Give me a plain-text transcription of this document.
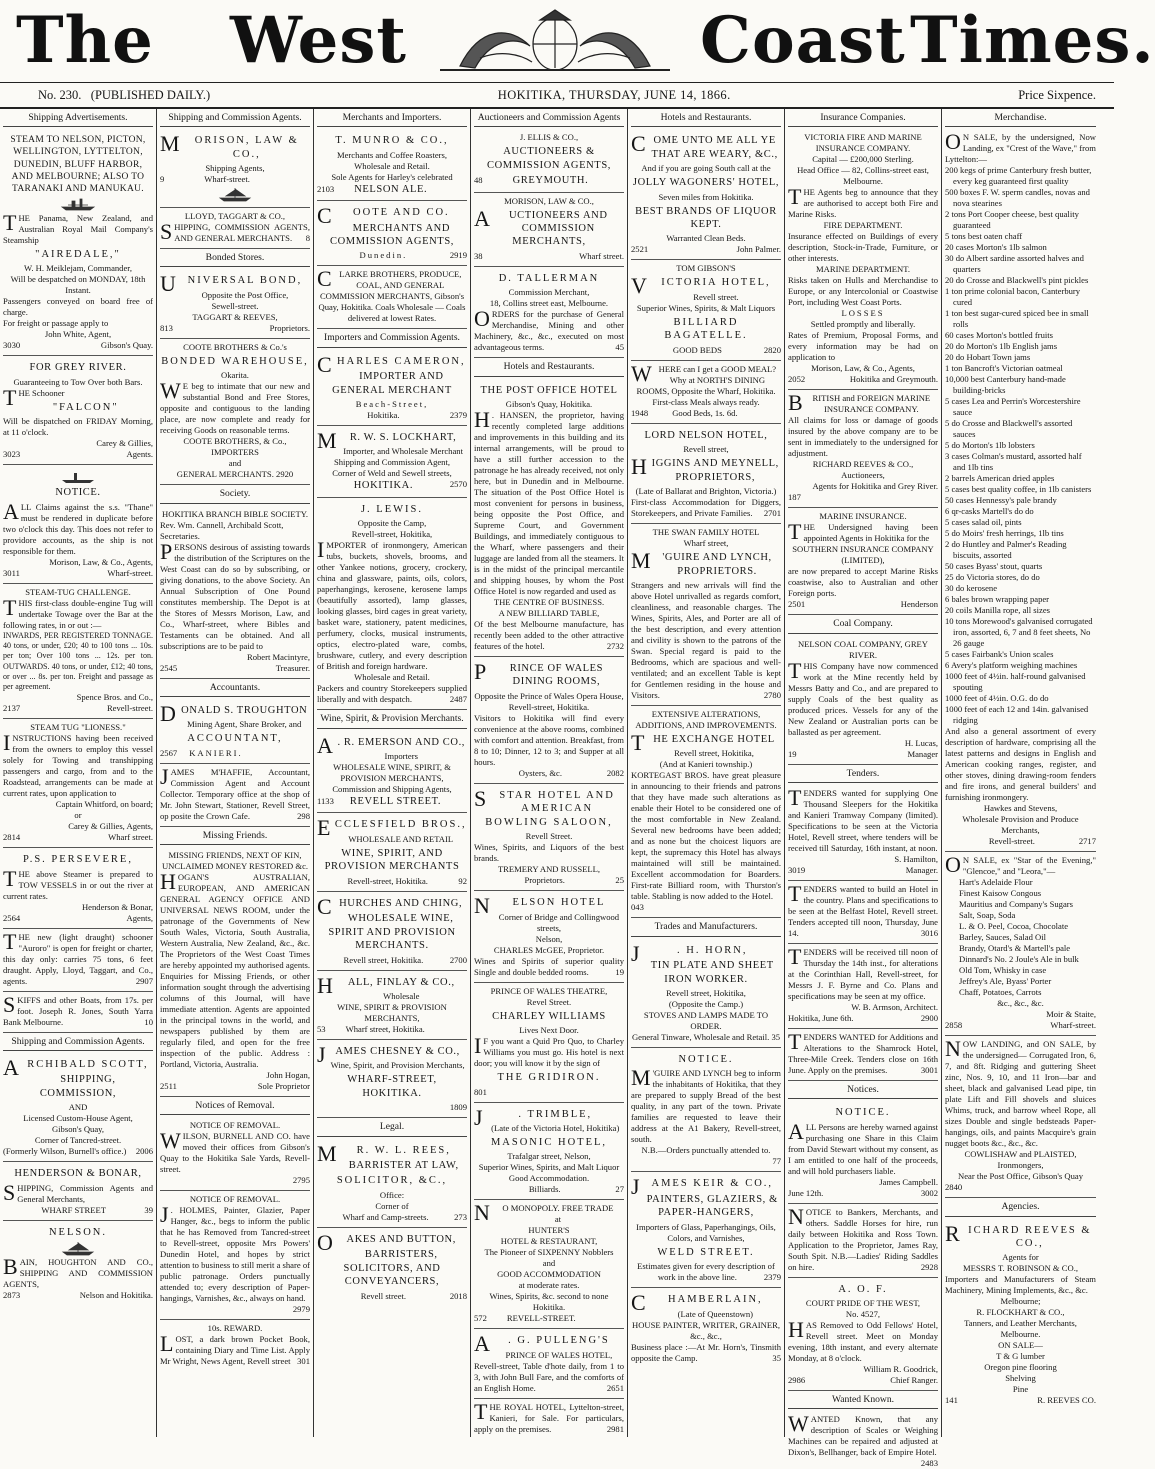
The West	Coast Times.
No. 230. (PUBLISHED DAILY.)	HOKITIKA, THURSDAY, JUNE 14, 1866.	Price Sixpence.
Shipping Advertisements.
STEAM TO NELSON, PICTON, WELLINGTON, LYTTELTON, DUNEDIN, BLUFF HARBOR, AND MELBOURNE; ALSO TO TARANAKI AND MANUKAU.
THE Panama, New Zealand, and Australian Royal Mail Company's Steamship
"AIREDALE,"
W. H. Meiklejam, Commander,
Will be despatched on MONDAY, 18th Instant.
Passengers conveyed on board free of charge.
For freight or passage apply to
John White, Agent,
3030	Gibson's Quay.
FOR GREY RIVER.
Guaranteeing to Tow Over both Bars.
THE Schooner
"FALCON"
Will be dispatched on FRIDAY Morning, at 11 o'clock.
Carey & Gillies,
3023	Agents.
NOTICE.
ALL Claims against the s.s. "Thane" must be rendered in duplicate before two o'clock this day. This does not refer to providore accounts, as the ship is not responsible for them.
Morison, Law, & Co., Agents,
3011	Wharf-street.
STEAM-TUG CHALLENGE.
THIS first-class double-engine Tug will undertake Towage over the Bar at the following rates, in or out :—
INWARDS, PER REGISTERED TONNAGE. 40 tons, or under, £20; 40 to 100 tons ... 10s. per ton; Over 100 tons ... 12s. per ton. OUTWARDS. 40 tons, or under, £12; 40 tons, or over ... 8s. per ton. Freight and passage as per agreement.
Spence Bros. and Co.,
2137	Revell-street.
STEAM TUG "LIONESS."
INSTRUCTIONS having been received from the owners to employ this vessel solely for Towing and transhipping passengers and cargo, from and to the Roadstead, arrangements can be made at current rates, upon application to
Captain Whitford, on board;
or
Carey & Gillies, Agents,
2814	Wharf street.
P.S. PERSEVERE,
THE above Steamer is prepared to TOW VESSELS in or out the river at current rates.
Henderson & Bonar,
2564	Agents,
THE new (light draught) schooner "Auroro" is open for freight or charter, this day only: carries 75 tons, 6 feet draught. Apply, Lloyd, Taggart, and Co., agents.	2907
SKIFFS and other Boats, from 17s. per foot. Joseph R. Jones, South Yarra Bank Melbourne.	10
Shipping and Commission Agents.
ARCHIBALD SCOTT,
SHIPPING, COMMISSION,
AND
Licensed Custom-House Agent,
Gibson's Quay,
Corner of Tancred-street.
(Formerly Wilson, Burnell's office.) 2006
HENDERSON & BONAR,
SHIPPING, Commission Agents and General Merchants,
WHARF STREET	39
NELSON.
BAIN, HOUGHTON AND CO., SHIPPING AND COMMISSION AGENTS,
2873	Nelson and Hokitika.
Shipping and Commission Agents.
M ORISON, LAW & CO.,
Shipping Agents,
9	Wharf-street.
LLOYD, TAGGART & CO.,
SHIPPING, COMMISSION AGENTS, AND GENERAL MERCHANTS. 8
Bonded Stores.
UNIVERSAL BOND,
Opposite the Post Office,
Sewell-street.
TAGGART & REEVES,
813	Proprietors.
COOTE BROTHERS & Co.'s
BONDED WAREHOUSE,
Okarita.
W E beg to intimate that our new and substantial Bond and Free Stores, opposite and contiguous to the landing place, are now complete and ready for receiving Goods on reasonable terms.
COOTE BROTHERS, & Co.,
IMPORTERS
and
GENERAL MERCHANTS. 2920
Society.
HOKITIKA BRANCH BIBLE SOCIETY.
Rev. Wm. Cannell, Archibald Scott, Secretaries.
PERSONS desirous of assisting towards the distribution of the Scriptures on the West Coast can do so by subscribing, or giving donations, to the above Society. An Annual Subscription of One Pound constitutes membership. The Depot is at the Stores of Messrs Morison, Law, and Co., Wharf-street, where Bibles and Testaments can be obtained. And all subscriptions are to be paid to
Robert Macintyre,
2545	Treasurer.
Accountants.
DONALD S. TROUGHTON
Mining Agent, Share Broker, and
ACCOUNTANT,
2567 KANIERI.
JAMES M'HAFFIE, Accountant, Commission Agent and Account Collector. Temporary office at the shop of Mr. John Stewart, Stationer, Revell Street, op posite the Crown Cafe.	298
Missing Friends.
MISSING FRIENDS, NEXT OF KIN, UNCLAIMED MONEY RESTORED &c.
HOGAN'S AUSTRALIAN, EUROPEAN, AND AMERICAN GENERAL AGENCY OFFICE AND UNIVERSAL NEWS ROOM, under the patronage of the Governments of New South Wales, Victoria, South Australia, Western Australia, New Zealand, &c., &c. The Proprietors of the West Coast Times are hereby appointed my authorised agents. Enquiries for Missing Friends, or other information sought through the advertising columns of this Journal, will have immediate attention. Agents are appointed in the principal towns in the world, and newspapers published by them are regularly filed, and open for the free inspection of the public. Address : Portland, Victoria, Australia.
John Hogan,
2511	Sole Proprietor
Notices of Removal.
NOTICE OF REMOVAL.
WILSON, BURNELL AND CO. have moved their offices from Gibson's Quay to the Hokitika Sale Yards, Revell-street.
2795
NOTICE OF REMOVAL.
J . HOLMES, Painter, Glazier, Paper Hanger, &c., begs to inform the public that he has Removed from Tancred-street to Revell-street, opposite Mrs Powers' Dunedin Hotel, and hopes by strict attention to business to still merit a share of public patronage. Orders punctually attended to; every description of Paper-hangings, Varnishes, &c., always on hand.
2979
10s. REWARD.
LOST, a dark brown Pocket Book, containing Diary and Time List. Apply Mr Wright, News Agent, Revell street 301
Merchants and Importers.
T. MUNRO & CO.,
Merchants and Coffee Roasters,
Wholesale and Retail.
Sole Agents for Harley's celebrated
2103 NELSON ALE.
C OOTE AND CO.
MERCHANTS AND COMMISSION AGENTS,
Dunedin.	2919
CLARKE BROTHERS, PRODUCE, COAL, AND GENERAL COMMISSION MERCHANTS, Gibson's Quay, Hokitika. Coals Wholesale — Coals delivered at lowest Rates.
Importers and Commission Agents.
CHARLES CAMERON,
IMPORTER AND GENERAL MERCHANT
Beach-Street,
Hokitika.	2379
M R. W. S. LOCKHART,
Importer, and Wholesale Merchant
Shipping and Commission Agent,
Corner of Weld and Sewell streets,
HOKITIKA.	2570
J. LEWIS.
Opposite the Camp,
Revell-street, Hokitika,
IMPORTER of ironmongery, American tubs, buckets, shovels, brooms, and other Yankee notions, grocery, crockery, china and glassware, paints, oils, colors, paperhangings, kerosene, kerosene lamps (beautifully assorted), lamp glasses, looking glasses, bird cages in great variety, basket ware, stationery, patent medicines, perfumery, clocks, musical instruments, optics, electro-plated ware, combs, brushware, cutlery, and every description of British and foreign hardware.
Wholesale and Retail.
Packers and country Storekeepers supplied liberally and with despatch.	2487
Wine, Spirit, & Provision Merchants.
A . R. EMERSON AND CO.,
Importers
WHOLESALE WINE, SPIRIT, & PROVISION MERCHANTS,
Commission and Shipping Agents,
1133 REVELL STREET.
ECCLESFIELD BROS.,
WHOLESALE AND RETAIL
WINE, SPIRIT, AND PROVISION MERCHANTS
Revell-street, Hokitika.	92
CHURCHES AND CHING,
WHOLESALE WINE, SPIRIT AND PROVISION MERCHANTS.
Revell street, Hokitika.	2700
H ALL, FINLAY & CO.,
Wholesale
WINE, SPIRIT & PROVISION MERCHANTS,
53 Wharf street, Hokitika.
JAMES CHESNEY & CO.,
Wine, Spirit, and Provision Merchants,
WHARF-STREET, HOKITIKA.
1809
Legal.
M R. W. L. REES,
BARRISTER AT LAW,
SOLICITOR, &C.,
Office:
Corner of
Wharf and Camp-streets.	273
O AKES AND BUTTON,
BARRISTERS, SOLICITORS, AND CONVEYANCERS,
Revell street.	2018
Auctioneers and Commission Agents
J. ELLIS & CO.,
AUCTIONEERS & COMMISSION AGENTS,
48	GREYMOUTH.
MORISON, LAW & CO.,
A UCTIONEERS AND COMMISSION MERCHANTS,
38	Wharf street.
D. TALLERMAN
Commission Merchant,
18, Collins street east, Melbourne.
ORDERS for the purchase of General Merchandise, Mining and other Machinery, &c., &c., executed on most advantageous terms.	45
Hotels and Restaurants.
THE POST OFFICE HOTEL
Gibson's Quay, Hokitika.
H . HANSEN, the proprietor, having recently completed large additions and improvements in this building and its internal arrangements, will be proud to have a still further accession to the patronage he has already received, not only here, but in Dunedin and in Melbourne. The situation of the Post Office Hotel is most convenient for persons in business, being opposite the Post Office, and Supreme Court, and Government Buildings, and immediately contiguous to the Wharf, where passengers and their luggage are landed from all the steamers. It is in the midst of the principal mercantile and shipping houses, by whom the Post Office Hotel is now regarded and used as
THE CENTRE OF BUSINESS.
A NEW BILLIARD TABLE,
Of the best Melbourne manufacture, has recently been added to the other attractive features of the hotel.	2732
P RINCE OF WALES DINING ROOMS,
Opposite the Prince of Wales Opera House,
Revell-street, Hokitika.
Visitors to Hokitika will find every convenience at the above rooms, combined with comfort and attention. Breakfast, from 8 to 10; Dinner, 12 to 3; and Supper at all hours.
Oysters, &c.	2082
S STAR HOTEL AND AMERICAN BOWLING SALOON,
Revell Street.
Wines, Spirits, and Liquors of the best brands.
TREMERY AND RUSSELL,
Proprietors.	25
N ELSON HOTEL
Corner of Bridge and Collingwood streets,
Nelson,
CHARLES McGEE, Proprietor.
Wines and Spirits of superior quality Single and double bedded rooms.	19
PRINCE OF WALES THEATRE,
Revel Street.
CHARLEY WILLIAMS
Lives Next Door.
I F you want a Quid Pro Quo, to Charley Williams you must go. His hotel is next door; you will know it by the sign of
THE GRIDIRON.
801
J	. TRIMBLE,
(Late of the Victoria Hotel, Hokitika)
MASONIC HOTEL,
Trafalgar street, Nelson,
Superior Wines, Spirits, and Malt Liquor
Good Accommodation.
Billiards.	27
N O MONOPOLY. FREE TRADE
at
HUNTER'S
HOTEL & RESTAURANT,
The Pioneer of SIXPENNY Nobblers
and
GOOD ACCOMMODATION
at moderate rates.
Wines, Spirits, &c. second to none Hokitika.
572 REVELL-STREET.
A . G. PULLENG'S
PRINCE OF WALES HOTEL,
Revell-street, Table d'hote daily, from 1 to 3, with John Bull Fare, and the comforts of an English Home.	2651
THE ROYAL HOTEL, Lyttelton-street, Kanieri, for Sale. For particulars, apply on the premises.	2981
Hotels and Restaurants.
COME UNTO ME ALL YE THAT ARE WEARY, &C.,
And if you are going South call at the
JOLLY WAGONERS' HOTEL,
Seven miles from Hokitika.
BEST BRANDS OF LIQUOR KEPT.
Warranted Clean Beds.
2521	John Palmer.
TOM GIBSON'S
V ICTORIA HOTEL,
Revell street.
Superior Wines, Spirits, & Malt Liquors
BILLIARD BAGATELLE.
GOOD BEDS	2820
WHERE can I get a GOOD MEAL? Why at NORTH'S DINING ROOMS, Opposite the Wharf, Hokitika.
First-class Meals always ready.
1948	Good Beds, 1s. 6d.
LORD NELSON HOTEL,
Revell street,
HIGGINS AND MEYNELL, PROPRIETORS,
(Late of Ballarat and Brighton, Victoria.)
First-class Accommodation for Diggers, Storekeepers, and Private Families. 2701
THE SWAN FAMILY HOTEL
Wharf street,
M 'GUIRE AND LYNCH, PROPRIETORS.
Strangers and new arrivals will find the above Hotel unrivalled as regards comfort, cleanliness, and reasonable charges. The Wines, Spirits, Ales, and Porter are all of the best description, and every attention and civility is shown to the patrons of the Swan. Special regard is paid to the Bedrooms, which are spacious and well-ventilated; and an excellent Table is kept for Gentlemen residing in the house and Visitors.	2780
EXTENSIVE ALTERATIONS, ADDITIONS, AND IMPROVEMENTS.
THE EXCHANGE HOTEL
Revell street, Hokitika,
(And at Kanieri township.)
KORTEGAST BROS. have great pleasure in announcing to their friends and patrons that they have made such alterations as enable their Hotel to be considered one of the most comfortable in New Zealand. Several new bedrooms have been added; and as none but the choicest liquors are kept, the supremacy this Hotel has always maintained will still be maintained. Excellent accommodation for Boarders. First-rate Billiard room, with Thurston's table. Stabling is now added to the Hotel.
043
Trades and Manufacturers.
J	. H. HORN,
TIN PLATE AND SHEET IRON WORKER.
Revell street, Hokitika,
(Opposite the Camp.)
STOVES AND LAMPS MADE TO ORDER.
General Tinware, Wholesale and Retail. 35
NOTICE.
M 'GUIRE AND LYNCH beg to inform the inhabitants of Hokitika, that they are prepared to supply Bread of the best quality, in any part of the town. Private families are requested to leave their address at the A1 Bakery, Revell-street, south.
N.B.—Orders punctually attended to.
77
JAMES KEIR & CO.,
PAINTERS, GLAZIERS, & PAPER-HANGERS,
Importers of Glass, Paperhangings, Oils, Colors, and Varnishes,
WELD STREET.
Estimates given for every description of work in the above line.	2379
C HAMBERLAIN,
(Late of Queenstown)
HOUSE PAINTER, WRITER, GRAINER, &c., &c.,
Business place :—At Mr. Horn's, Tinsmith opposite the Camp.	35
Insurance Companies.
VICTORIA FIRE AND MARINE INSURANCE COMPANY.
Capital — £200,000 Sterling.
Head Office — 82, Collins-street east, Melbourne.
THE Agents beg to announce that they are authorised to accept both Fire and Marine Risks.
FIRE DEPARTMENT.
Insurance effected on Buildings of every description, Stock-in-Trade, Furniture, or other interests.
MARINE DEPARTMENT.
Risks taken on Hulls and Merchandise to Europe, or any Intercolonial or Coastwise Port, including West Coast Ports.
LOSSES
Settled promptly and liberally.
Rates of Premium, Proposal Forms, and every information may be had on application to
Morison, Law, & Co., Agents,
2052	Hokitika and Greymouth.
B RITISH and FOREIGN MARINE INSURANCE COMPANY.
All claims for loss or damage of goods insured by the above company are to be sent in immediately to the undersigned for adjustment.
RICHARD REEVES & CO.,
Auctioneers,
Agents for Hokitika and Grey River.
187
MARINE INSURANCE.
THE Undersigned having been appointed Agents in Hokitika for the
SOUTHERN INSURANCE COMPANY (LIMITED),
are now prepared to accept Marine Risks coastwise, also to Australian and other Foreign ports.
2501	Henderson
Coal Company.
NELSON COAL COMPANY, GREY RIVER.
THIS Company have now commenced work at the Mine recently held by Messrs Batty and Co., and are prepared to supply Coals of the best quality as produced prices. Vessels for any of the New Zealand or Australian ports can be ballasted as per agreement.
H. Lucas,
19	Manager
Tenders.
TENDERS wanted for supplying One Thousand Sleepers for the Hokitika and Kanieri Tramway Company (limited). Specifications to be seen at the Victoria Hotel, Revell street, where tenders will be received till Saturday, 16th instant, at noon.
S. Hamilton,
3019	Manager.
TENDERS wanted to build an Hotel in the country. Plans and specifications to be seen at the Belfast Hotel, Revell street. Tenders accepted till noon, Thursday, June 14.	3016
TENDERS will be received till noon of Thursday the 14th inst., for alterations at the Corinthian Hall, Revell-street, for Messrs J. F. Byrne and Co. Plans and specifications may be seen at my office.
W. B. Armson, Architect.
Hokitika, June 6th.	2900
TENDERS WANTED for Additions and Alterations to the Shamrock Hotel, Three-Mile Creek. Tenders close on 16th June. Apply on the premises.	3001
Notices.
NOTICE.
ALL Persons are hereby warned against purchasing one Share in this Claim from David Stewart without my consent, as I am entitled to one half of the proceeds, and will hold purchasers liable.
James Campbell.
June 12th.	3002
NOTICE to Bankers, Merchants, and others. Saddle Horses for hire, run daily between Hokitika and Ross Town. Application to the Proprietor, James Ray, South Spit. N.B.—Ladies' Riding Saddles on hire.	2928
A. O. F.
COURT PRIDE OF THE WEST,
No. 4527,
HAS Removed to Odd Fellows' Hotel, Revell street. Meet on Monday evening, 18th instant, and every alternate Monday, at 8 o'clock.
William R. Goodrick,
2986	Chief Ranger.
Wanted Known.
WANTED Known, that any description of Scales or Weighing Machines can be repaired and adjusted at Dixon's, Bellhanger, back of Empire Hotel.
2483
Merchandise.
O N SALE, by the undersigned, Now Landing, ex "Crest of the Wave," from Lyttelton:—
200 kegs of prime Canterbury fresh butter, every keg guaranteed first quality
500 boxes F. W. sperm candles, novas and nova stearines
2 tons Port Cooper cheese, best quality guaranteed
5 tons best oaten chaff
20 cases Morton's 1lb salmon
30 do Albert sardine assorted halves and quarters
20 do Crosse and Blackwell's pint pickles
1 ton prime colonial bacon, Canterbury cured
1 ton best sugar-cured spiced bee in small rolls
60 cases Morton's bottled fruits
20 do Morton's 1lb English jams
20 do Hobart Town jams
1 ton Bancroft's Victorian oatmeal
10,000 best Canterbury hand-made building-bricks
5 cases Lea and Perrin's Worcestershire sauce
5 do Crosse and Blackwell's assorted sauces
5 do Morton's 1lb lobsters
3 cases Colman's mustard, assorted half and 1lb tins
2 barrels American dried apples
5 cases best quality coffee, in 1lb canisters
50 cases Hennessy's pale brandy
6 qr-casks Martell's do do
5 cases salad oil, pints
5 do Moirs' fresh herrings, 1lb tins
2 do Huntley and Palmer's Reading biscuits, assorted
50 cases Byass' stout, quarts
25 do Victoria stores, do do
30 do kerosene
6 bales brown wrapping paper
20 coils Manilla rope, all sizes
10 tons Morewood's galvanised corrugated iron, assorted, 6, 7 and 8 feet sheets, No 26 gauge
5 cases Fairbank's Union scales
6 Avery's platform weighing machines
1000 feet of 4½in. half-round galvanised spouting
1000 feet of 4½in. O.G. do do
1000 feet of each 12 and 14in. galvanised ridging
And also a general assortment of every description of hardware, comprising all the latest patterns and designs in English and American cooking ranges, register, and other stoves, dining drawing-room fenders and fire irons, and general builders' and furnishing ironmongery.
Hawkes and Stevens,
Wholesale Provision and Produce Merchants,
Revell-street.	2717
O N SALE, ex "Star of the Evening," "Glencoe," and "Leora,"—
Hart's Adelaide Flour
Finest Kaisow Congous
Mauritius and Company's Sugars
Salt, Soap, Soda
L. & O. Peel, Cocoa, Chocolate
Barley, Sauces, Salad Oil
Brandy, Otard's & Martell's pale
Dinnard's No. 2 Joule's Ale in bulk
Old Tom, Whisky in case
Jeffrey's Ale, Byass' Porter
Chaff, Potatoes, Carrots
&c., &c., &c.
Moir & Staite,
2858	Wharf-street.
NOW LANDING, and ON SALE, by the undersigned— Corrugated Iron, 6, 7, and 8ft. Ridging and guttering Sheet zinc, Nos. 9, 10, and 11 Iron—bar and sheet, black and galvanised Lead pipe, tin plate Lift and Fill shovels and sluices Whims, truck, and barrow wheel Rope, all sizes Double and single bedsteads Paper-hangings, oils, and paints Macquire's grain nugget boots &c., &c., &c.
COWLISHAW and PLAISTED,
Ironmongers,
Near the Post Office, Gibson's Quay
2840
Agencies.
RICHARD REEVES & CO.,
Agents for
MESSRS T. ROBINSON & CO.,
Importers and Manufacturers of Steam Machinery, Mining Implements, &c., &c.
Melbourne;
R. FLOCKHART & CO.,
Tanners, and Leather Merchants,
Melbourne.
ON SALE—
T & G lumber
Oregon pine flooring
Shelving
Pine
141	R. REEVES CO.
